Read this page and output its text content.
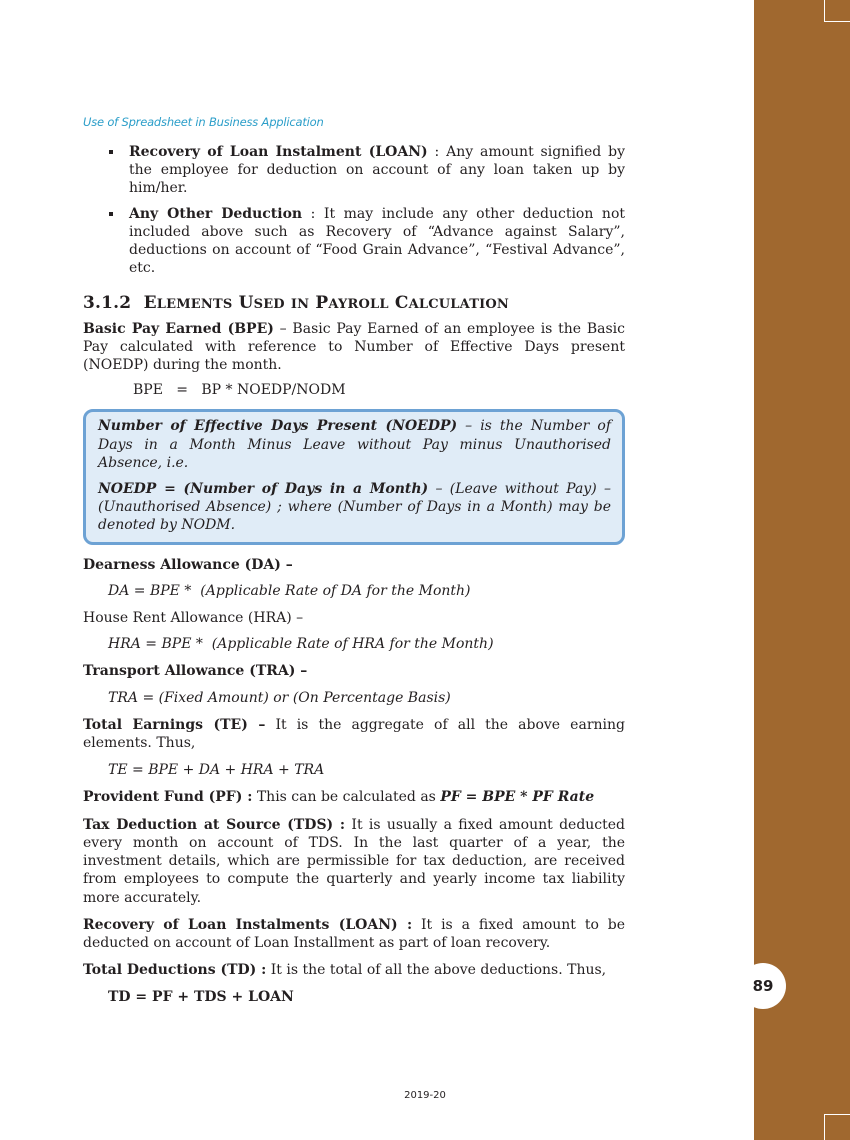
89
Use of Spreadsheet in Business Application
Recovery of Loan Instalment (LOAN) : Any amount signified by the employee for deduction on account of any loan taken up by him/her.
Any Other Deduction : It may include any other deduction not included above such as Recovery of “Advance against Salary”, deductions on account of “Food Grain Advance”, “Festival Advance”, etc.
3.1.2 ELEMENTS USED IN PAYROLL CALCULATION
Basic Pay Earned (BPE) – Basic Pay Earned of an employee is the Basic Pay calculated with reference to Number of Effective Days present (NOEDP) during the month.
BPE   =   BP * NOEDP/NODM

Number of Effective Days Present (NOEDP) – is the Number of Days in a Month Minus Leave without Pay minus Unauthorised Absence, i.e.

NOEDP = (Number of Days in a Month) – (Leave without Pay) – (Unauthorised Absence) ; where (Number of Days in a Month) may be denoted by NODM.

Dearness Allowance (DA) –
DA = BPE *  (Applicable Rate of DA for the Month)
House Rent Allowance (HRA) –
HRA = BPE *  (Applicable Rate of HRA for the Month)
Transport Allowance (TRA) –
TRA = (Fixed Amount) or (On Percentage Basis)
Total Earnings (TE) – It is the aggregate of all the above earning elements. Thus,
TE = BPE + DA + HRA + TRA
Provident Fund (PF) : This can be calculated as PF = BPE * PF Rate
Tax Deduction at Source (TDS) : It is usually a fixed amount deducted every month on account of TDS. In the last quarter of a year, the investment details, which are permissible for tax deduction, are received from employees to compute the quarterly and yearly income tax liability more accurately.
Recovery of Loan Instalments (LOAN) : It is a fixed amount to be deducted on account of Loan Installment as part of loan recovery.
Total Deductions (TD) : It is the total of all the above deductions. Thus,
TD = PF + TDS + LOAN
2019-20
